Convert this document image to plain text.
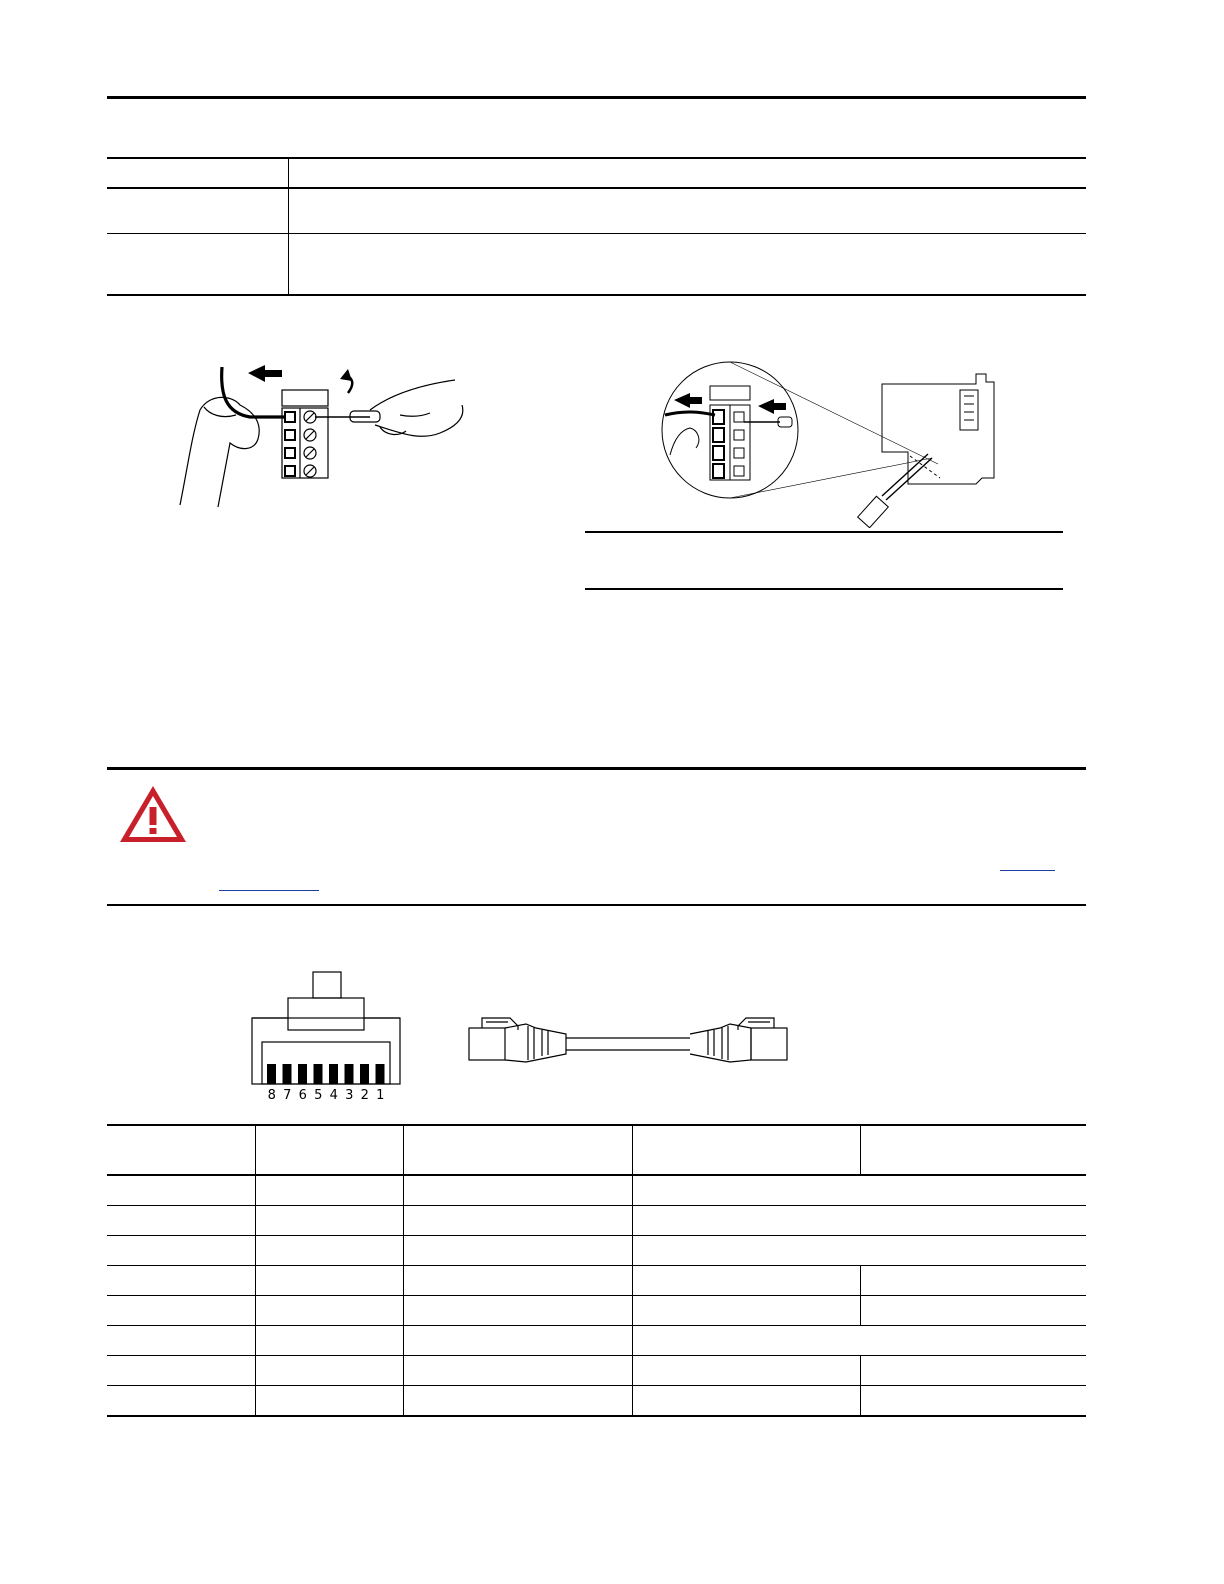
8 7 6 5 4 3 2 1
